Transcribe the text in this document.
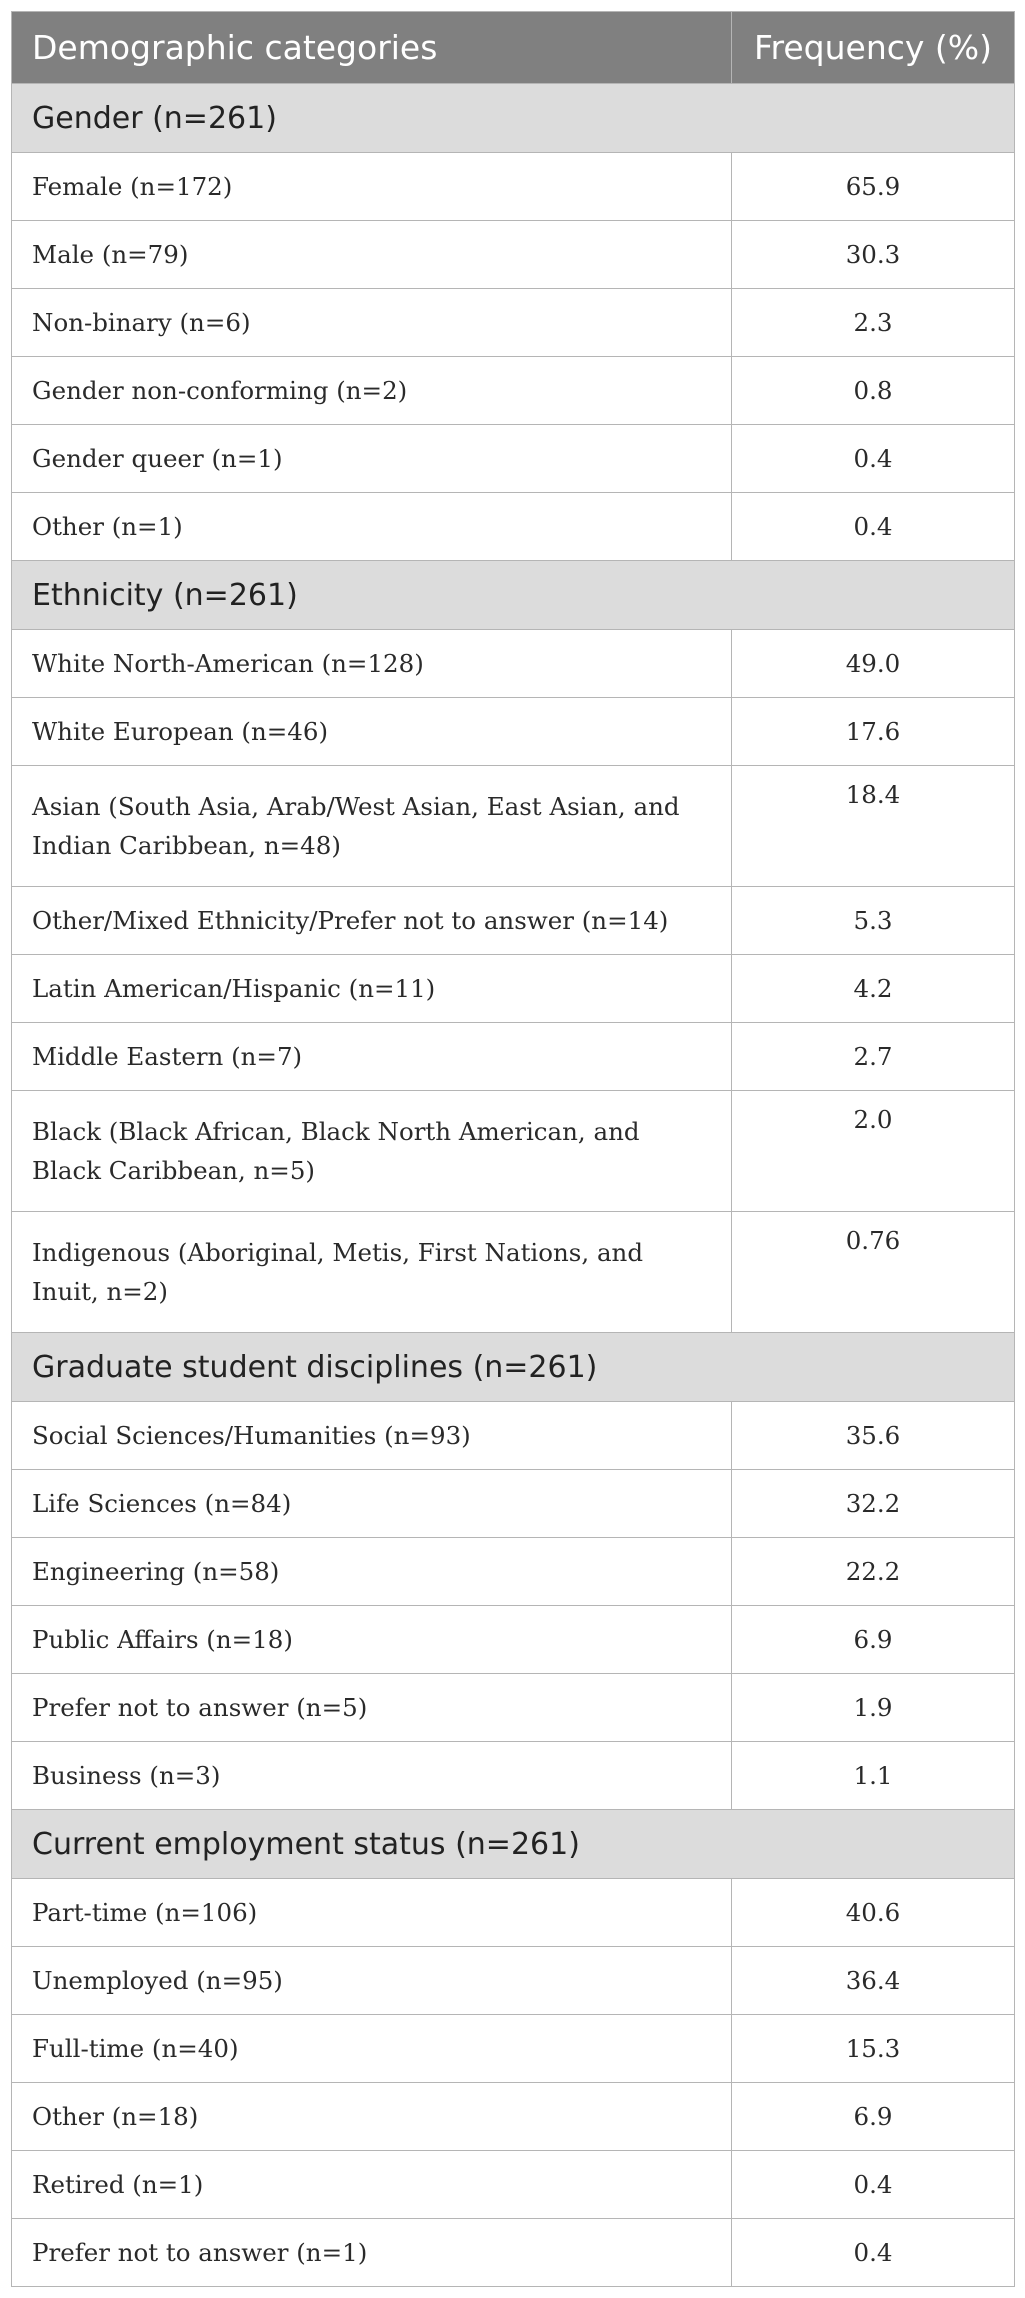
Demographic categories	Frequency (%)
Gender (n=261)	
Female (n=172)	65.9
Male (n=79)	30.3
Non-binary (n=6)	2.3
Gender non-conforming (n=2)	0.8
Gender queer (n=1)	0.4
Other (n=1)	0.4
Ethnicity (n=261)	
White North-American (n=128)	49.0
White European (n=46)	17.6
Asian (South Asia, Arab/West Asian, East Asian, and Indian Caribbean, n=48)	18.4
Other/Mixed Ethnicity/Prefer not to answer (n=14)	5.3
Latin American/Hispanic (n=11)	4.2
Middle Eastern (n=7)	2.7
Black (Black African, Black North American, and Black Caribbean, n=5)	2.0
Indigenous (Aboriginal, Metis, First Nations, and Inuit, n=2)	0.76
Graduate student disciplines (n=261)	
Social Sciences/Humanities (n=93)	35.6
Life Sciences (n=84)	32.2
Engineering (n=58)	22.2
Public Affairs (n=18)	6.9
Prefer not to answer (n=5)	1.9
Business (n=3)	1.1
Current employment status (n=261)	
Part-time (n=106)	40.6
Unemployed (n=95)	36.4
Full-time (n=40)	15.3
Other (n=18)	6.9
Retired (n=1)	0.4
Prefer not to answer (n=1)	0.4
